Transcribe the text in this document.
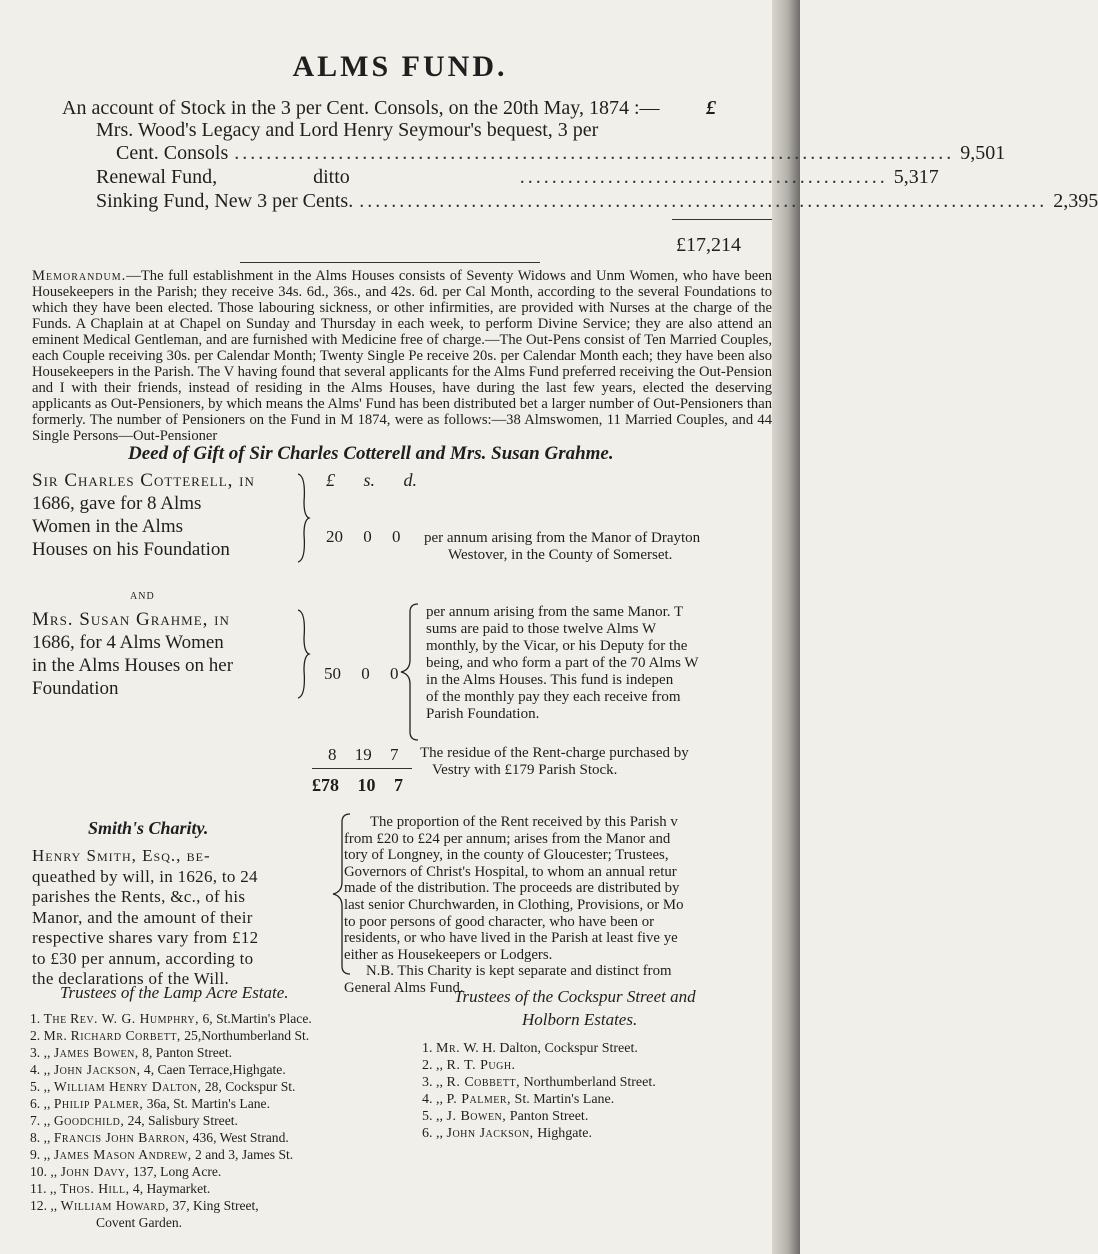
ALMS FUND.
An account of Stock in the 3 per Cent. Consols, on the 20th May, 1874 :— £
Mrs. Wood's Legacy and Lord Henry Seymour's bequest, 3 per
Cent. Consols .......................................................................................... 9,501
Renewal Fund,	ditto	.............................................. 5,317
Sinking Fund, New 3 per Cents. ...................................................................................... 2,395
£17,214
Memorandum.—The full establishment in the Alms Houses consists of Seventy Widows and Unm Women, who have been Housekeepers in the Parish; they receive 34s. 6d., 36s., and 42s. 6d. per Cal Month, according to the several Foundations to which they have been elected. Those labouring sickness, or other infirmities, are provided with Nurses at the charge of the Funds. A Chaplain at at Chapel on Sunday and Thursday in each week, to perform Divine Service; they are also attend an eminent Medical Gentleman, and are furnished with Medicine free of charge.—The Out-Pens consist of Ten Married Couples, each Couple receiving 30s. per Calendar Month; Twenty Single Pe receive 20s. per Calendar Month each; they have been also Housekeepers in the Parish. The V having found that several applicants for the Alms Fund preferred receiving the Out-Pension and I with their friends, instead of residing in the Alms Houses, have during the last few years, elected the deserving applicants as Out-Pensioners, by which means the Alms' Fund has been distributed bet a larger number of Out-Pensioners than formerly. The number of Pensioners on the Fund in M 1874, were as follows:—38 Almswomen, 11 Married Couples, and 44 Single Persons—Out-Pensioner
Deed of Gift of Sir Charles Cotterell and Mrs. Susan Grahme.
£ s. d.
Sir Charles Cotterell, in
1686, gave for 8 Alms
Women in the Alms
Houses on his Foundation
20 0 0 per annum arising from the Manor of Drayton
Westover, in the County of Somerset.
and
Mrs. Susan Grahme, in
1686, for 4 Alms Women
in the Alms Houses on her
Foundation
50 0 0
per annum arising from the same Manor. T
sums are paid to those twelve Alms W
monthly, by the Vicar, or his Deputy for the
being, and who form a part of the 70 Alms W
in the Alms Houses. This fund is indepen
of the monthly pay they each receive from
Parish Foundation.
8 19 7 The residue of the Rent-charge purchased by
Vestry with £179 Parish Stock.
£78 10 7
Smith's Charity.
Henry Smith, Esq., be-
queathed by will, in 1626, to 24
parishes the Rents, &c., of his
Manor, and the amount of their
respective shares vary from £12
to £30 per annum, according to
the declarations of the Will.
The proportion of the Rent received by this Parish v
from £20 to £24 per annum; arises from the Manor and
tory of Longney, in the county of Gloucester; Trustees,
Governors of Christ's Hospital, to whom an annual retur
made of the distribution. The proceeds are distributed by
last senior Churchwarden, in Clothing, Provisions, or Mo
to poor persons of good character, who have been or
residents, or who have lived in the Parish at least five ye
either as Housekeepers or Lodgers.
N.B. This Charity is kept separate and distinct from
General Alms Fund.
Trustees of the Lamp Acre Estate.
1. The Rev. W. G. Humphry, 6, St.Martin's Place.
2. Mr. Richard Corbett, 25,Northumberland St.
3. ,, James Bowen, 8, Panton Street.
4. ,, John Jackson, 4, Caen Terrace,Highgate.
5. ,, William Henry Dalton, 28, Cockspur St.
6. ,, Philip Palmer, 36a, St. Martin's Lane.
7. ,, Goodchild, 24, Salisbury Street.
8. ,, Francis John Barron, 436, West Strand.
9. ,, James Mason Andrew, 2 and 3, James St.
10. ,, John Davy, 137, Long Acre.
11. ,, Thos. Hill, 4, Haymarket.
12. ,, William Howard, 37, King Street,
Covent Garden.
Trustees of the Cockspur Street and
Holborn Estates.
1. Mr. W. H. Dalton, Cockspur Street.
2. ,, R. T. Pugh.
3. ,, R. Cobbett, Northumberland Street.
4. ,, P. Palmer, St. Martin's Lane.
5. ,, J. Bowen, Panton Street.
6. ,, John Jackson, Highgate.
